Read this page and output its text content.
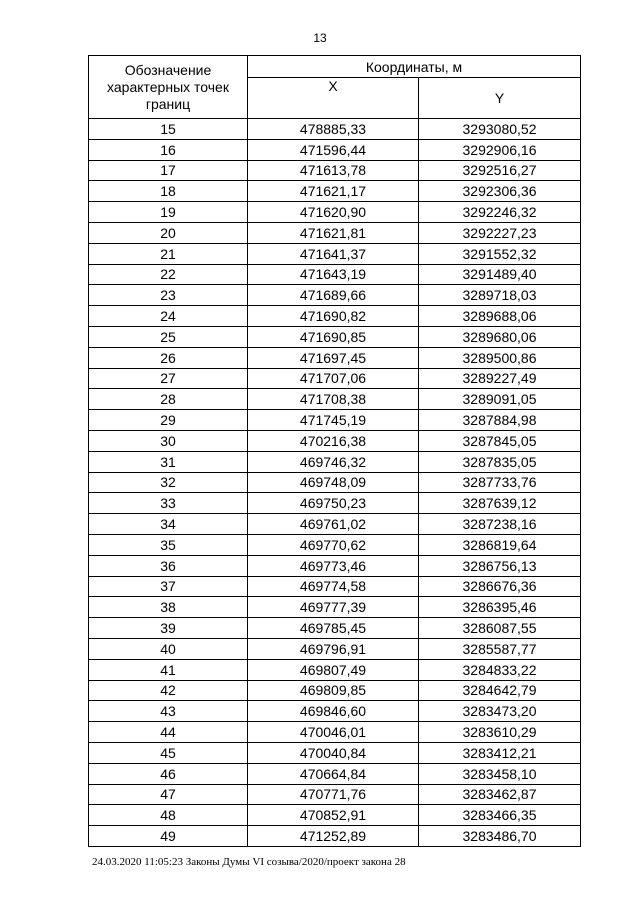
13
Обозначение характерных точек границ	Координаты, м	
	X	Y
15	478885,33	3293080,52
16	471596,44	3292906,16
17	471613,78	3292516,27
18	471621,17	3292306,36
19	471620,90	3292246,32
20	471621,81	3292227,23
21	471641,37	3291552,32
22	471643,19	3291489,40
23	471689,66	3289718,03
24	471690,82	3289688,06
25	471690,85	3289680,06
26	471697,45	3289500,86
27	471707,06	3289227,49
28	471708,38	3289091,05
29	471745,19	3287884,98
30	470216,38	3287845,05
31	469746,32	3287835,05
32	469748,09	3287733,76
33	469750,23	3287639,12
34	469761,02	3287238,16
35	469770,62	3286819,64
36	469773,46	3286756,13
37	469774,58	3286676,36
38	469777,39	3286395,46
39	469785,45	3286087,55
40	469796,91	3285587,77
41	469807,49	3284833,22
42	469809,85	3284642,79
43	469846,60	3283473,20
44	470046,01	3283610,29
45	470040,84	3283412,21
46	470664,84	3283458,10
47	470771,76	3283462,87
48	470852,91	3283466,35
49	471252,89	3283486,70
24.03.2020 11:05:23 Законы Думы VI созыва/2020/проект закона 28
